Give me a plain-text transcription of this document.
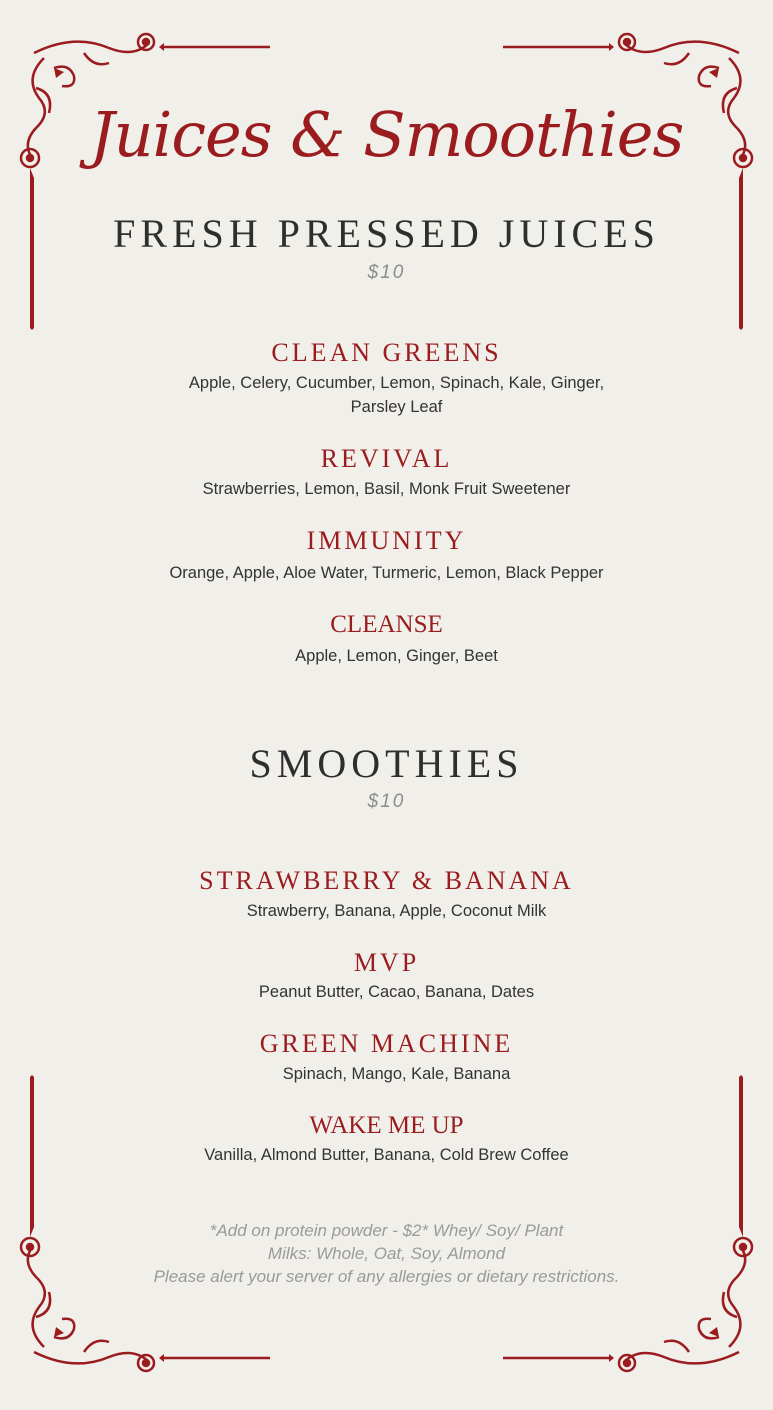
Juices & Smoothies
FRESH PRESSED JUICES
$10
CLEAN GREENS
Apple, Celery, Cucumber, Lemon, Spinach, Kale, Ginger, Parsley Leaf
REVIVAL
Strawberries, Lemon, Basil, Monk Fruit Sweetener
IMMUNITY
Orange, Apple, Aloe Water, Turmeric, Lemon, Black Pepper
CLEANSE
Apple, Lemon, Ginger, Beet
SMOOTHIES
$10
STRAWBERRY & BANANA
Strawberry, Banana, Apple, Coconut Milk
MVP
Peanut Butter, Cacao, Banana, Dates
GREEN MACHINE
Spinach, Mango, Kale, Banana
WAKE ME UP
Vanilla, Almond Butter, Banana, Cold Brew Coffee
*Add on protein powder - $2* Whey/ Soy/ Plant
Milks: Whole, Oat, Soy, Almond
Please alert your server of any allergies or dietary restrictions.
